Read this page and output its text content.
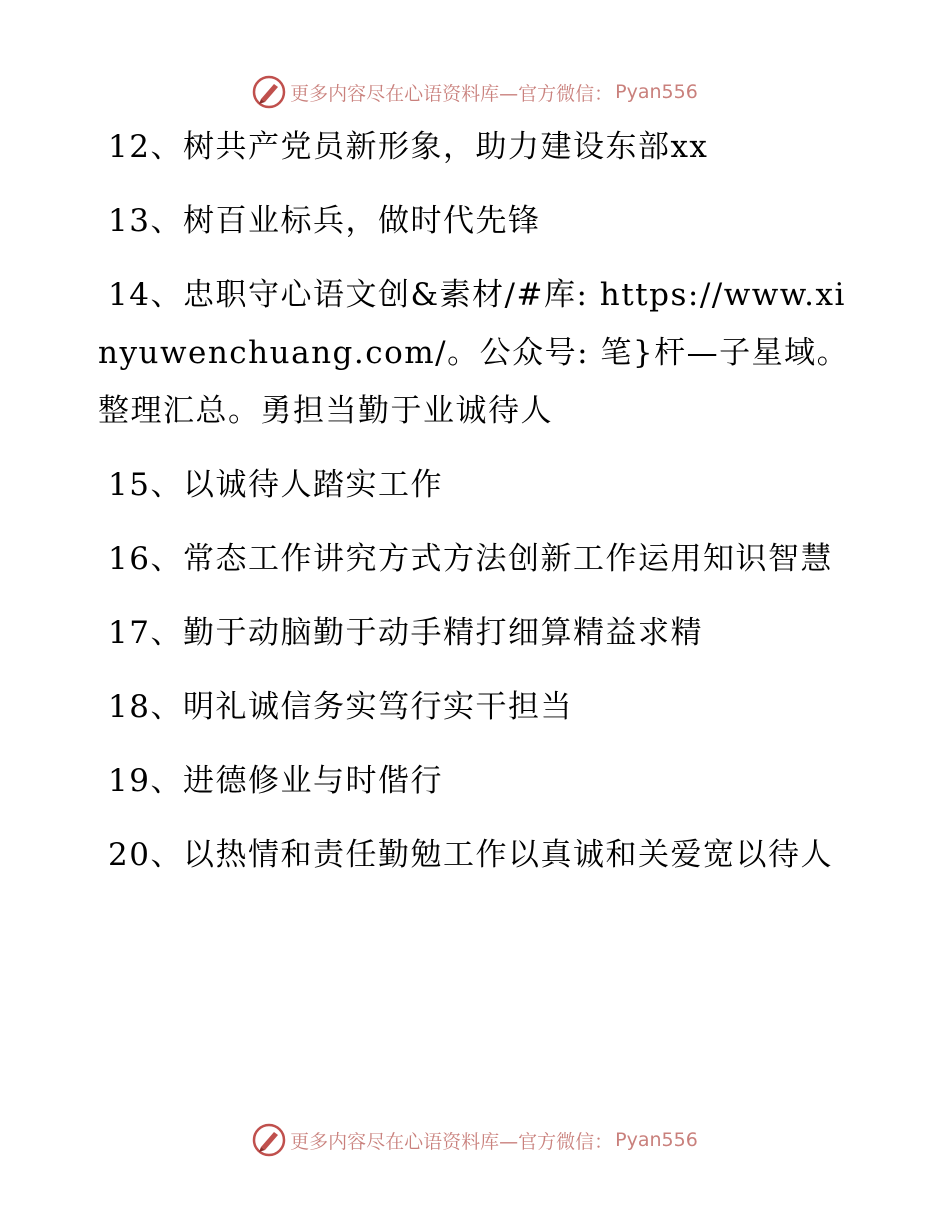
更多内容尽在心语资料库—官方微信： Pyan556

12、树共产党员新形象，助力建设东部xx

13、树百业标兵，做时代先锋

14、忠职守心语文创&素材/#库: https://www.xinyuwenchuang.com/。公众号: 笔}杆—子星域。整理汇总。勇担当勤于业诚待人

15、以诚待人踏实工作

16、常态工作讲究方式方法创新工作运用知识智慧

17、勤于动脑勤于动手精打细算精益求精

18、明礼诚信务实笃行实干担当

19、进德修业与时偕行

20、以热情和责任勤勉工作以真诚和关爱宽以待人

更多内容尽在心语资料库—官方微信： Pyan556
